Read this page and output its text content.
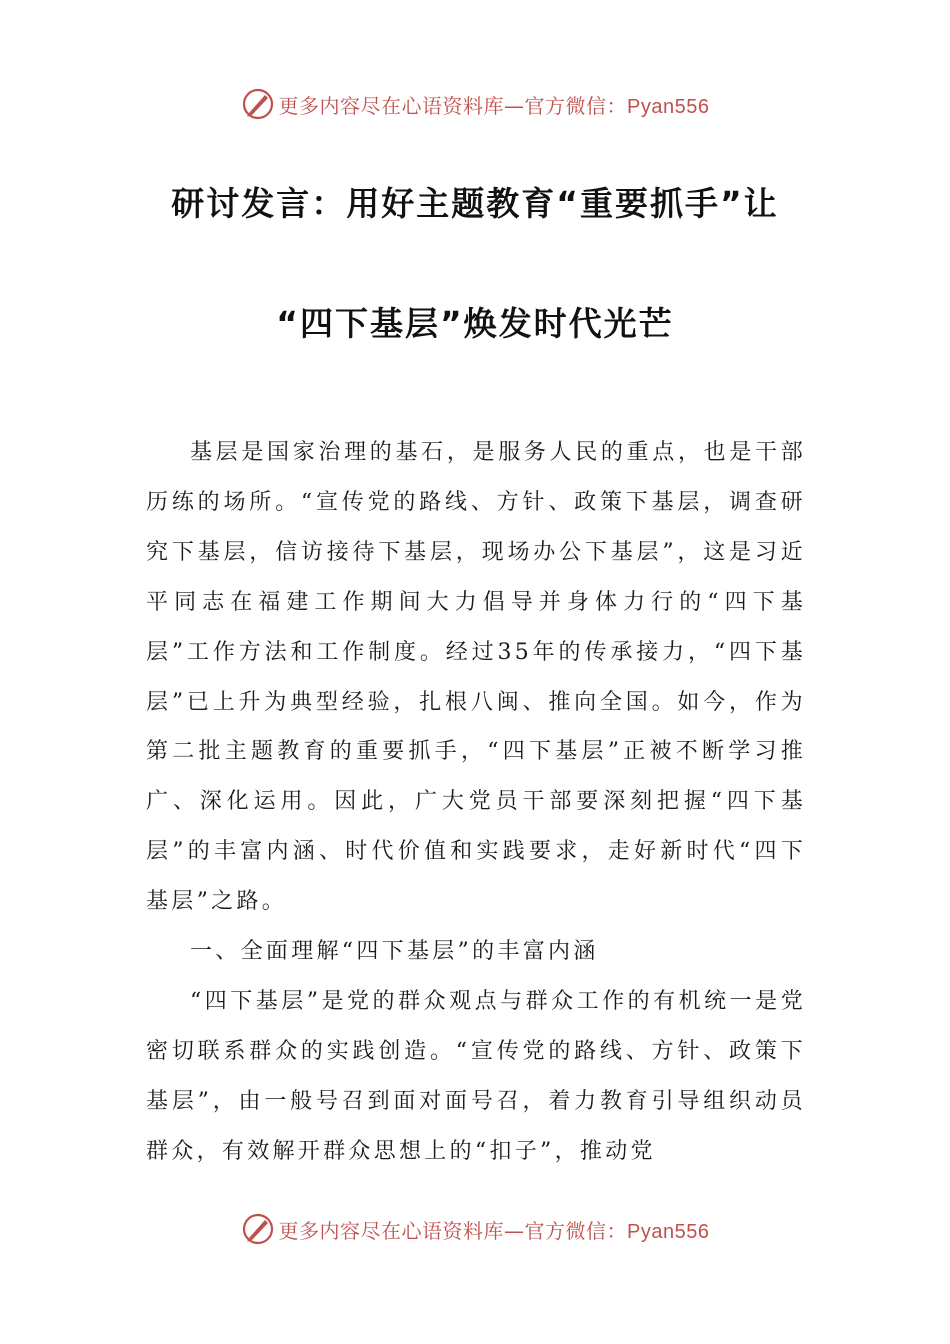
更多内容尽在心语资料库—官方微信：Pyan556
研讨发言：用好主题教育“重要抓手”让
“四下基层”焕发时代光芒

基层是国家治理的基石，是服务人民的重点，也是干部历练的场所。“宣传党的路线、方针、政策下基层，调查研究下基层，信访接待下基层，现场办公下基层”，这是习近平同志在福建工作期间大力倡导并身体力行的“四下基层”工作方法和工作制度。经过35年的传承接力，“四下基层”已上升为典型经验，扎根八闽、推向全国。如今，作为第二批主题教育的重要抓手，“四下基层”正被不断学习推广、深化运用。因此，广大党员干部要深刻把握“四下基层”的丰富内涵、时代价值和实践要求，走好新时代“四下基层”之路。

一、全面理解“四下基层”的丰富内涵

“四下基层”是党的群众观点与群众工作的有机统一是党密切联系群众的实践创造。“宣传党的路线、方针、政策下基层”，由一般号召到面对面号召，着力教育引导组织动员群众，有效解开群众思想上的“扣子”，推动党

更多内容尽在心语资料库—官方微信：Pyan556
